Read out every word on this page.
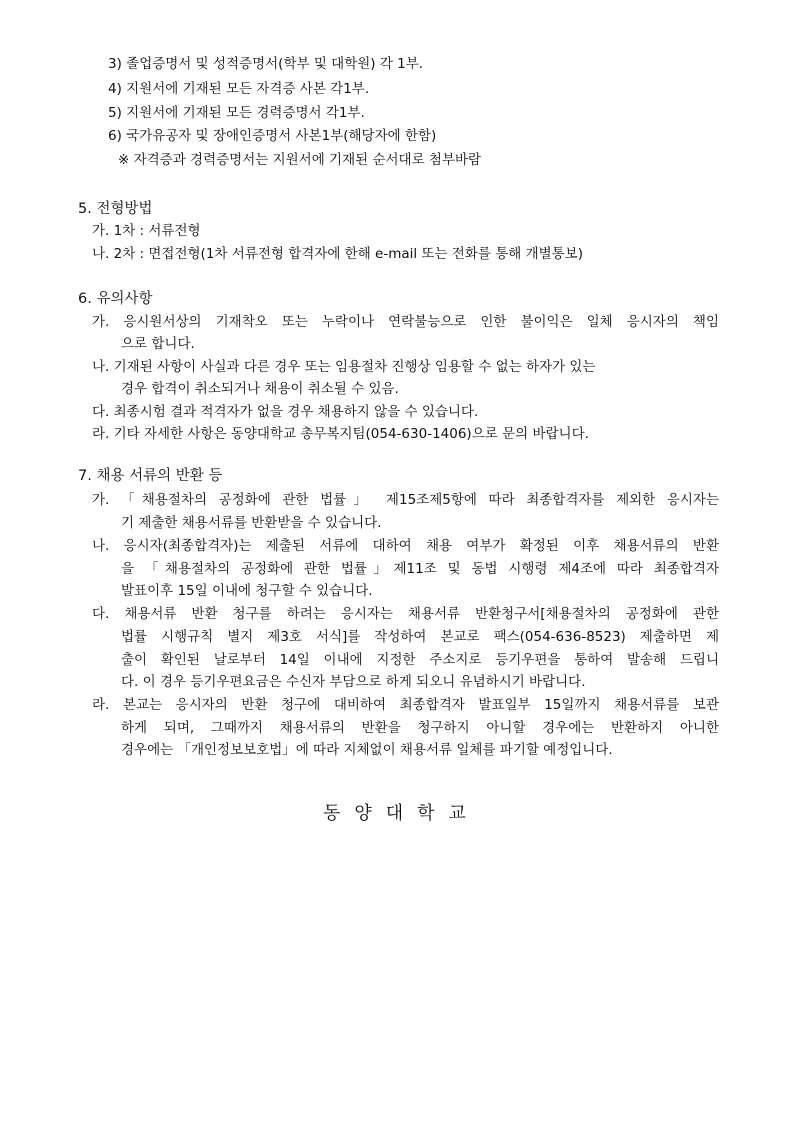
3) 졸업증명서 및 성적증명서(학부 및 대학원) 각 1부.
4) 지원서에 기재된 모든 자격증 사본 각1부.
5) 지원서에 기재된 모든 경력증명서 각1부.
6) 국가유공자 및 장애인증명서 사본1부(해당자에 한함)
※ 자격증과 경력증명서는 지원서에 기재된 순서대로 첨부바람
5. 전형방법
가. 1차 : 서류전형
나. 2차 : 면접전형(1차 서류전형 합격자에 한해 e-mail 또는 전화를 통해 개별통보)
6. 유의사항
가. 응시원서상의 기재착오 또는 누락이나 연락불능으로 인한 불이익은 일체 응시자의 책임
으로 합니다.
나. 기재된 사항이 사실과 다른 경우 또는 임용절차 진행상 임용할 수 없는 하자가 있는
경우 합격이 취소되거나 채용이 취소될 수 있음.
다. 최종시험 결과 적격자가 없을 경우 채용하지 않을 수 있습니다.
라. 기타 자세한 사항은 동양대학교 총무복지팀(054-630-1406)으로 문의 바랍니다.
7. 채용 서류의 반환 등
가. 「채용절차의 공정화에 관한 법률」 제15조제5항에 따라 최종합격자를 제외한 응시자는
기 제출한 채용서류를 반환받을 수 있습니다.
나. 응시자(최종합격자)는 제출된 서류에 대하여 채용 여부가 확정된 이후 채용서류의 반환
을 「채용절차의 공정화에 관한 법률」제11조 및 동법 시행령 제4조에 따라 최종합격자
발표이후 15일 이내에 청구할 수 있습니다.
다. 채용서류 반환 청구를 하려는 응시자는 채용서류 반환청구서[채용절차의 공정화에 관한
법률 시행규칙 별지 제3호 서식]를 작성하여 본교로 팩스(054-636-8523) 제출하면 제
출이 확인된 날로부터 14일 이내에 지정한 주소지로 등기우편을 통하여 발송해 드립니
다. 이 경우 등기우편요금은 수신자 부담으로 하게 되오니 유념하시기 바랍니다.
라. 본교는 응시자의 반환 청구에 대비하여 최종합격자 발표일부 15일까지 채용서류를 보관
하게 되며, 그때까지 채용서류의 반환을 청구하지 아니할 경우에는 반환하지 아니한
경우에는 「개인정보보호법」에 따라 지체없이 채용서류 일체를 파기할 예정입니다.
동양대학교
